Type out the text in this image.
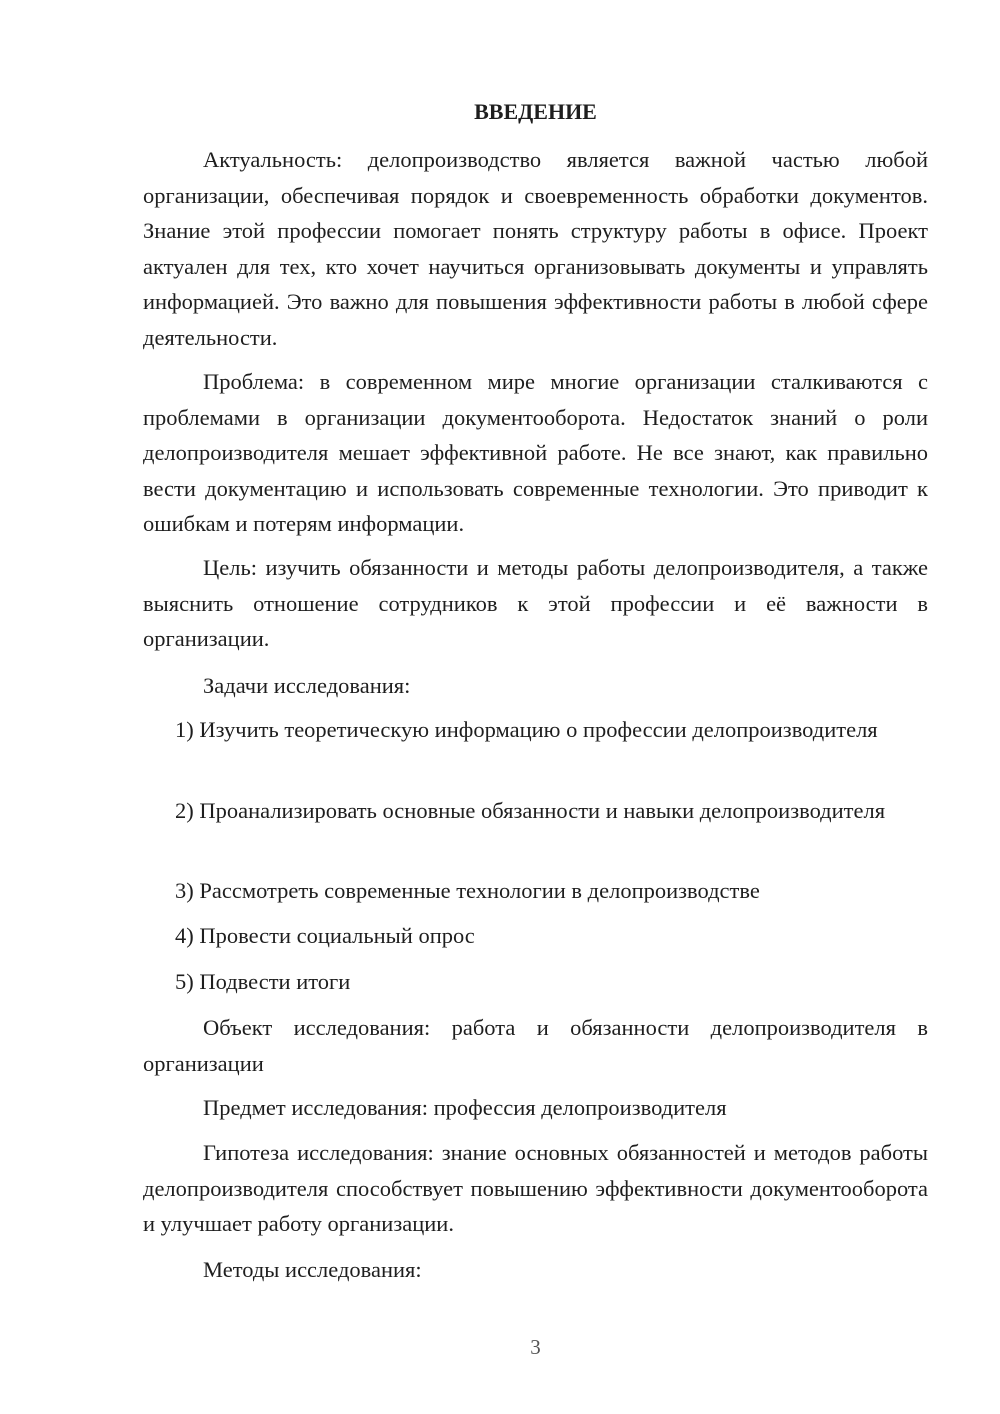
ВВЕДЕНИЕ

Актуальность: делопроизводство является важной частью любой организации, обеспечивая порядок и своевременность обработки документов. Знание этой профессии помогает понять структуру работы в офисе. Проект актуален для тех, кто хочет научиться организовывать документы и управлять информацией. Это важно для повышения эффективности работы в любой сфере деятельности.

Проблема: в современном мире многие организации сталкиваются с проблемами в организации документооборота. Недостаток знаний о роли делопроизводителя мешает эффективной работе. Не все знают, как правильно вести документацию и использовать современные технологии. Это приводит к ошибкам и потерям информации.

Цель: изучить обязанности и методы работы делопроизводителя, а также выяснить отношение сотрудников к этой профессии и её важности в организации.

Задачи исследования:

1) Изучить теоретическую информацию о профессии делопроизводителя

2) Проанализировать основные обязанности и навыки делопроизводителя

3) Рассмотреть современные технологии в делопроизводстве

4) Провести социальный опрос

5) Подвести итоги

Объект исследования: работа и обязанности делопроизводителя в организации

Предмет исследования: профессия делопроизводителя

Гипотеза исследования: знание основных обязанностей и методов работы делопроизводителя способствует повышению эффективности документооборота и улучшает работу организации.

Методы исследования:

3
